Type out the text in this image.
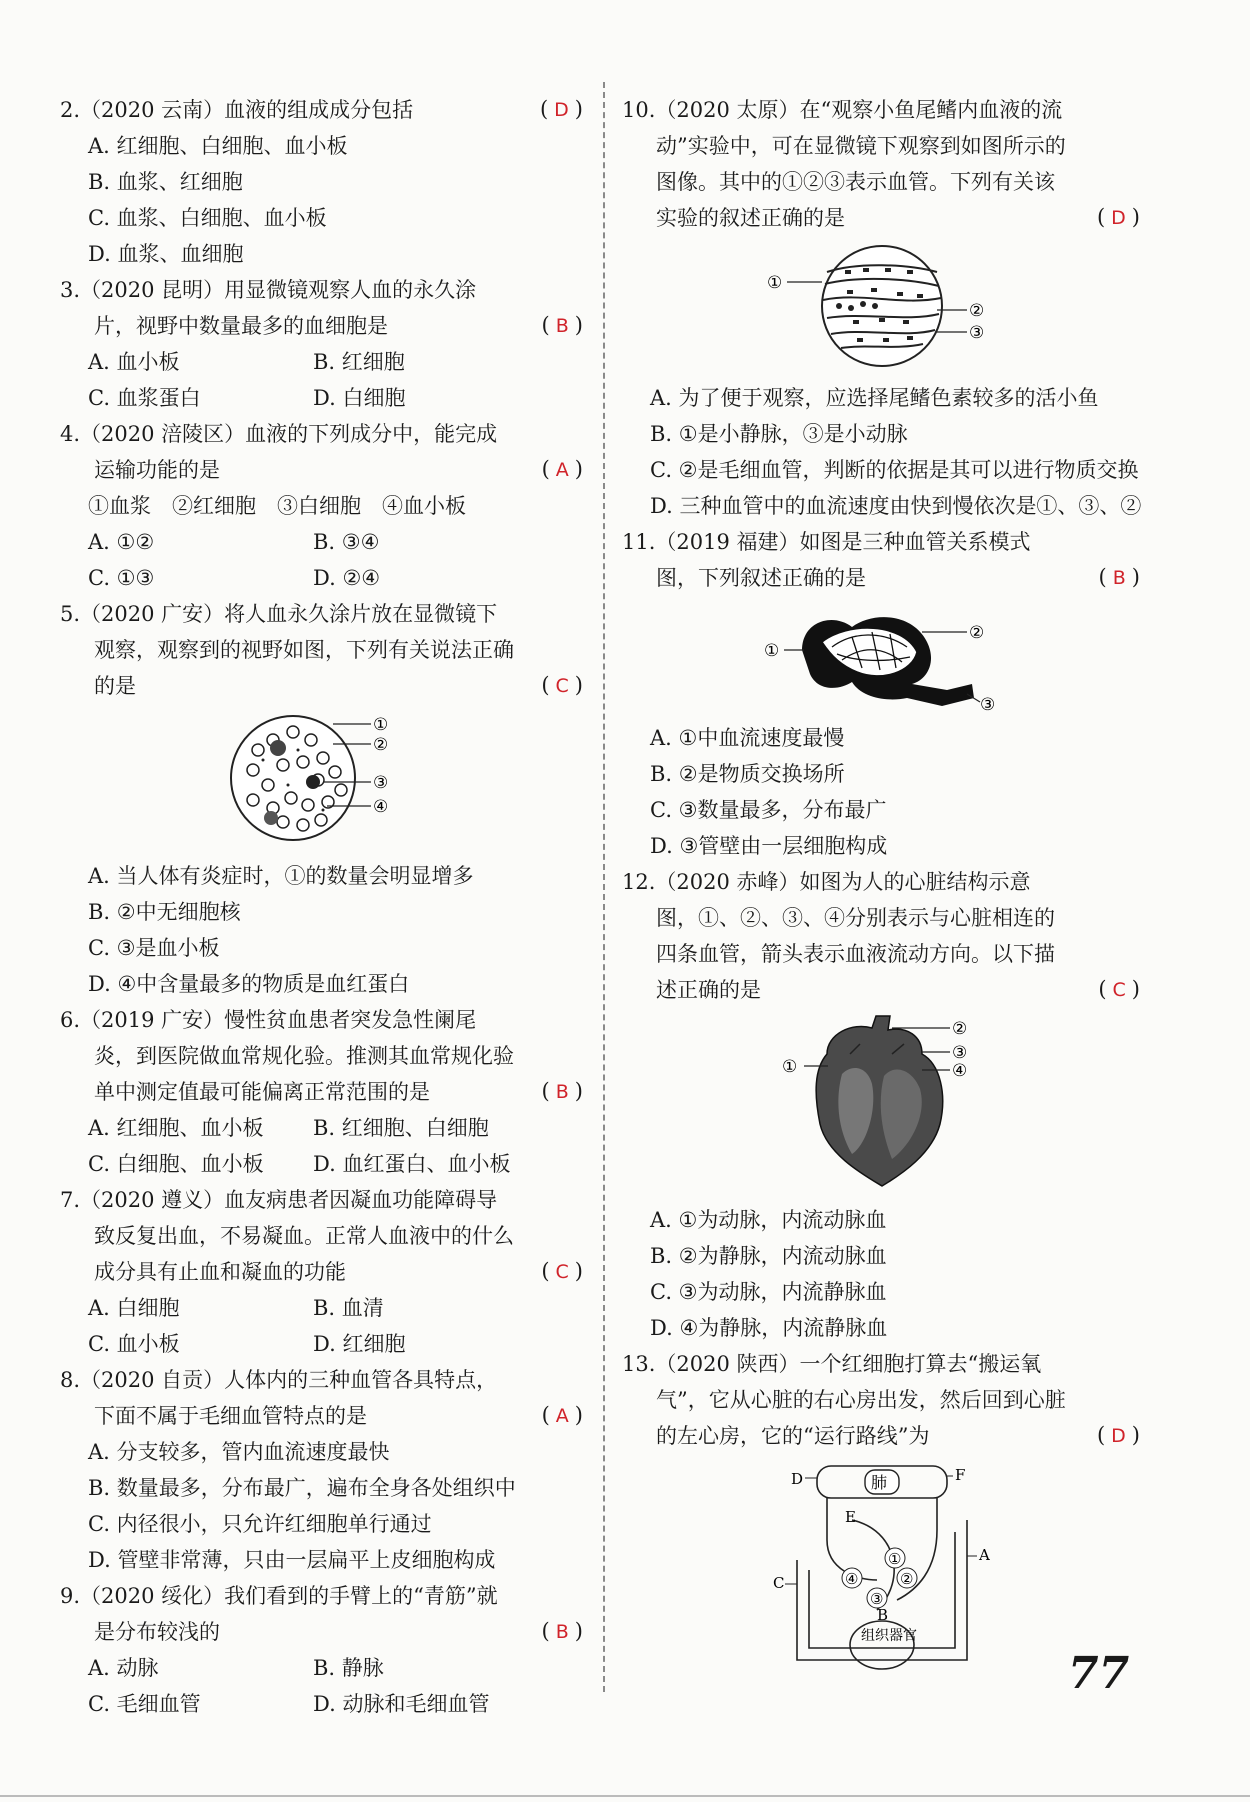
2.（2020 云南）血液的组成成分包括	( D )
A. 红细胞、白细胞、血小板
B. 血浆、红细胞
C. 血浆、白细胞、血小板
D. 血浆、血细胞
3.（2020 昆明）用显微镜观察人血的永久涂片，视野中数量最多的血细胞是	( B )
A. 血小板	B. 红细胞
C. 血浆蛋白	D. 白细胞
4.（2020 涪陵区）血液的下列成分中，能完成运输功能的是	( A )
①血浆　②红细胞　③白细胞　④血小板
A. ①②	B. ③④
C. ①③	D. ②④
5.（2020 广安）将人血永久涂片放在显微镜下观察，观察到的视野如图，下列有关说法正确的是	( C )
①
②
③
④
A. 当人体有炎症时，①的数量会明显增多
B. ②中无细胞核
C. ③是血小板
D. ④中含量最多的物质是血红蛋白
6.（2019 广安）慢性贫血患者突发急性阑尾炎，到医院做血常规化验。推测其血常规化验单中测定值最可能偏离正常范围的是	( B )
A. 红细胞、血小板	B. 红细胞、白细胞
C. 白细胞、血小板	D. 血红蛋白、血小板
7.（2020 遵义）血友病患者因凝血功能障碍导致反复出血，不易凝血。正常人血液中的什么成分具有止血和凝血的功能	( C )
A. 白细胞	B. 血清
C. 血小板	D. 红细胞
8.（2020 自贡）人体内的三种血管各具特点，下面不属于毛细血管特点的是	( A )
A. 分支较多，管内血流速度最快
B. 数量最多，分布最广，遍布全身各处组织中
C. 内径很小，只允许红细胞单行通过
D. 管壁非常薄，只由一层扁平上皮细胞构成
9.（2020 绥化）我们看到的手臂上的“青筋”就是分布较浅的	( B )
A. 动脉	B. 静脉
C. 毛细血管	D. 动脉和毛细血管
10.（2020 太原）在“观察小鱼尾鳍内血液的流动”实验中，可在显微镜下观察到如图所示的图像。其中的①②③表示血管。下列有关该实验的叙述正确的是	( D )
①
②
③
A. 为了便于观察，应选择尾鳍色素较多的活小鱼
B. ①是小静脉，③是小动脉
C. ②是毛细血管，判断的依据是其可以进行物质交换
D. 三种血管中的血流速度由快到慢依次是①、③、②
11.（2019 福建）如图是三种血管关系模式图，下列叙述正确的是	( B )
①
②
③
A. ①中血流速度最慢
B. ②是物质交换场所
C. ③数量最多，分布最广
D. ③管壁由一层细胞构成
12.（2020 赤峰）如图为人的心脏结构示意图，①、②、③、④分别表示与心脏相连的四条血管，箭头表示血液流动方向。以下描述正确的是	( C )
①
②
③
④
A. ①为动脉，内流动脉血
B. ②为静脉，内流动脉血
C. ③为动脉，内流静脉血
D. ④为静脉，内流静脉血
13.（2020 陕西）一个红细胞打算去“搬运氧气”，它从心脏的右心房出发，然后回到心脏的左心房，它的“运行路线”为	( D )
肺
组织器官
①
②
③
④
D	F
E
A
B
C
77
